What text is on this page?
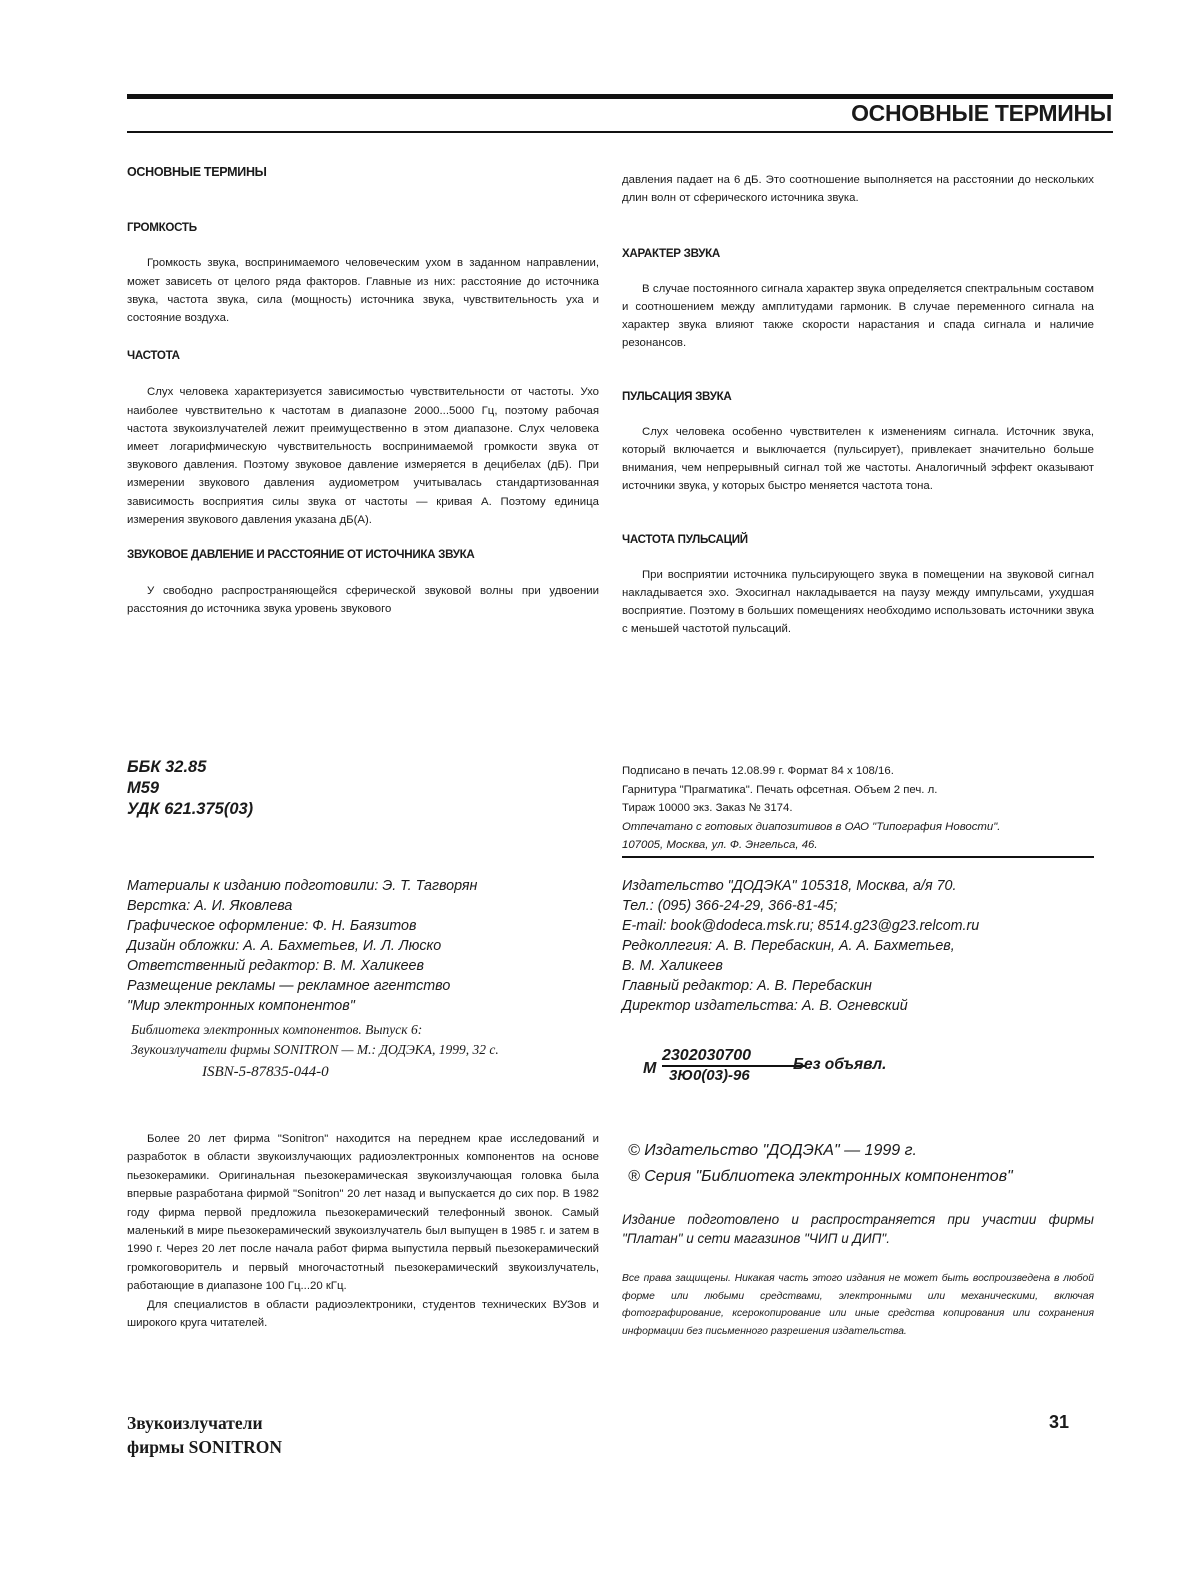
ОСНОВНЫЕ ТЕРМИНЫ

ОСНОВНЫЕ ТЕРМИНЫ

ГРОМКОСТЬ

Громкость звука, воспринимаемого человеческим ухом в заданном направлении, может зависеть от целого ряда факторов. Главные из них: расстояние до источника звука, частота звука, сила (мощность) источника звука, чувствительность уха и состояние воздуха.

ЧАСТОТА

Слух человека характеризуется зависимостью чувствительности от частоты. Ухо наиболее чувствительно к частотам в диапазоне 2000...5000 Гц, поэтому рабочая частота звукоизлучателей лежит преимущественно в этом диапазоне. Слух человека имеет логарифмическую чувствительность воспринимаемой громкости звука от звукового давления. Поэтому звуковое давление измеряется в децибелах (дБ). При измерении звукового давления аудиометром учитывалась стандартизованная зависимость восприятия силы звука от частоты — кривая А. Поэтому единица измерения звукового давления указана дБ(А).

ЗВУКОВОЕ ДАВЛЕНИЕ И РАССТОЯНИЕ ОТ ИСТОЧНИКА ЗВУКА

У свободно распространяющейся сферической звуковой волны при удвоении расстояния до источника звука уровень звукового

давления падает на 6 дБ. Это соотношение выполняется на расстоянии до нескольких длин волн от сферического источника звука.

ХАРАКТЕР ЗВУКА

В случае постоянного сигнала характер звука определяется спектральным составом и соотношением между амплитудами гармоник. В случае переменного сигнала на характер звука влияют также скорости нарастания и спада сигнала и наличие резонансов.

ПУЛЬСАЦИЯ ЗВУКА

Слух человека особенно чувствителен к изменениям сигнала. Источник звука, который включается и выключается (пульсирует), привлекает значительно больше внимания, чем непрерывный сигнал той же частоты. Аналогичный эффект оказывают источники звука, у которых быстро меняется частота тона.

ЧАСТОТА ПУЛЬСАЦИЙ

При восприятии источника пульсирующего звука в помещении на звуковой сигнал накладывается эхо. Эхосигнал накладывается на паузу между импульсами, ухудшая восприятие. Поэтому в больших помещениях необходимо использовать источники звука с меньшей частотой пульсаций.

ББК 32.85
М59
УДК 621.375(03)
Подписано в печать 12.08.99 г. Формат 84 x 108/16.
Гарнитура "Прагматика". Печать офсетная. Объем 2 печ. л.
Тираж 10000 экз. Заказ № 3174.
Отпечатано с готовых диапозитивов в ОАО "Типография Новости".
107005, Москва, ул. Ф. Энгельса, 46.
Материалы к изданию подготовили: Э. Т. Тагворян
Верстка: А. И. Яковлева
Графическое оформление: Ф. Н. Баязитов
Дизайн обложки: А. А. Бахметьев, И. Л. Люско
Ответственный редактор: В. М. Халикеев
Размещение рекламы — рекламное агентство
"Мир электронных компонентов"
Библиотека электронных компонентов. Выпуск 6:
Звукоизлучатели фирмы SONITRON — М.: ДОДЭКА, 1999, 32 с.
ISBN-5-87835-044-0
Издательство "ДОДЭКА" 105318, Москва, а/я 70.
Тел.: (095) 366-24-29, 366-81-45;
E-mail: book@dodeca.msk.ru; 8514.g23@g23.relcom.ru
Редколлегия: А. В. Перебаскин, А. А. Бахметьев,
В. М. Халикеев
Главный редактор: А. В. Перебаскин
Директор издательства: А. В. Огневский
М
2302030700
3Ю0(03)-96
Без объявл.
© Издательство "ДОДЭКА" — 1999 г.
® Серия "Библиотека электронных компонентов"
Издание подготовлено и распространяется при участии фирмы "Платан" и сети магазинов "ЧИП и ДИП".
Все права защищены. Никакая часть этого издания не может быть воспроизведена в любой форме или любыми средствами, электронными или механическими, включая фотографирование, ксерокопирование или иные средства копирования или сохранения информации без письменного разрешения издательства.

Более 20 лет фирма "Sonitron" находится на переднем крае исследований и разработок в области звукоизлучающих радиоэлектронных компонентов на основе пьезокерамики. Оригинальная пьезокерамическая звукоизлучающая головка была впервые разработана фирмой "Sonitron" 20 лет назад и выпускается до сих пор. В 1982 году фирма первой предложила пьезокерамический телефонный звонок. Самый маленький в мире пьезокерамический звукоизлучатель был выпущен в 1985 г. и затем в 1990 г. Через 20 лет после начала работ фирма выпустила первый пьезокерамический громкоговоритель и первый многочастотный пьезокерамический звукоизлучатель, работающие в диапазоне 100 Гц...20 кГц.

Для специалистов в области радиоэлектроники, студентов технических ВУЗов и широкого круга читателей.

Звукоизлучатели
фирмы SONITRON
31
